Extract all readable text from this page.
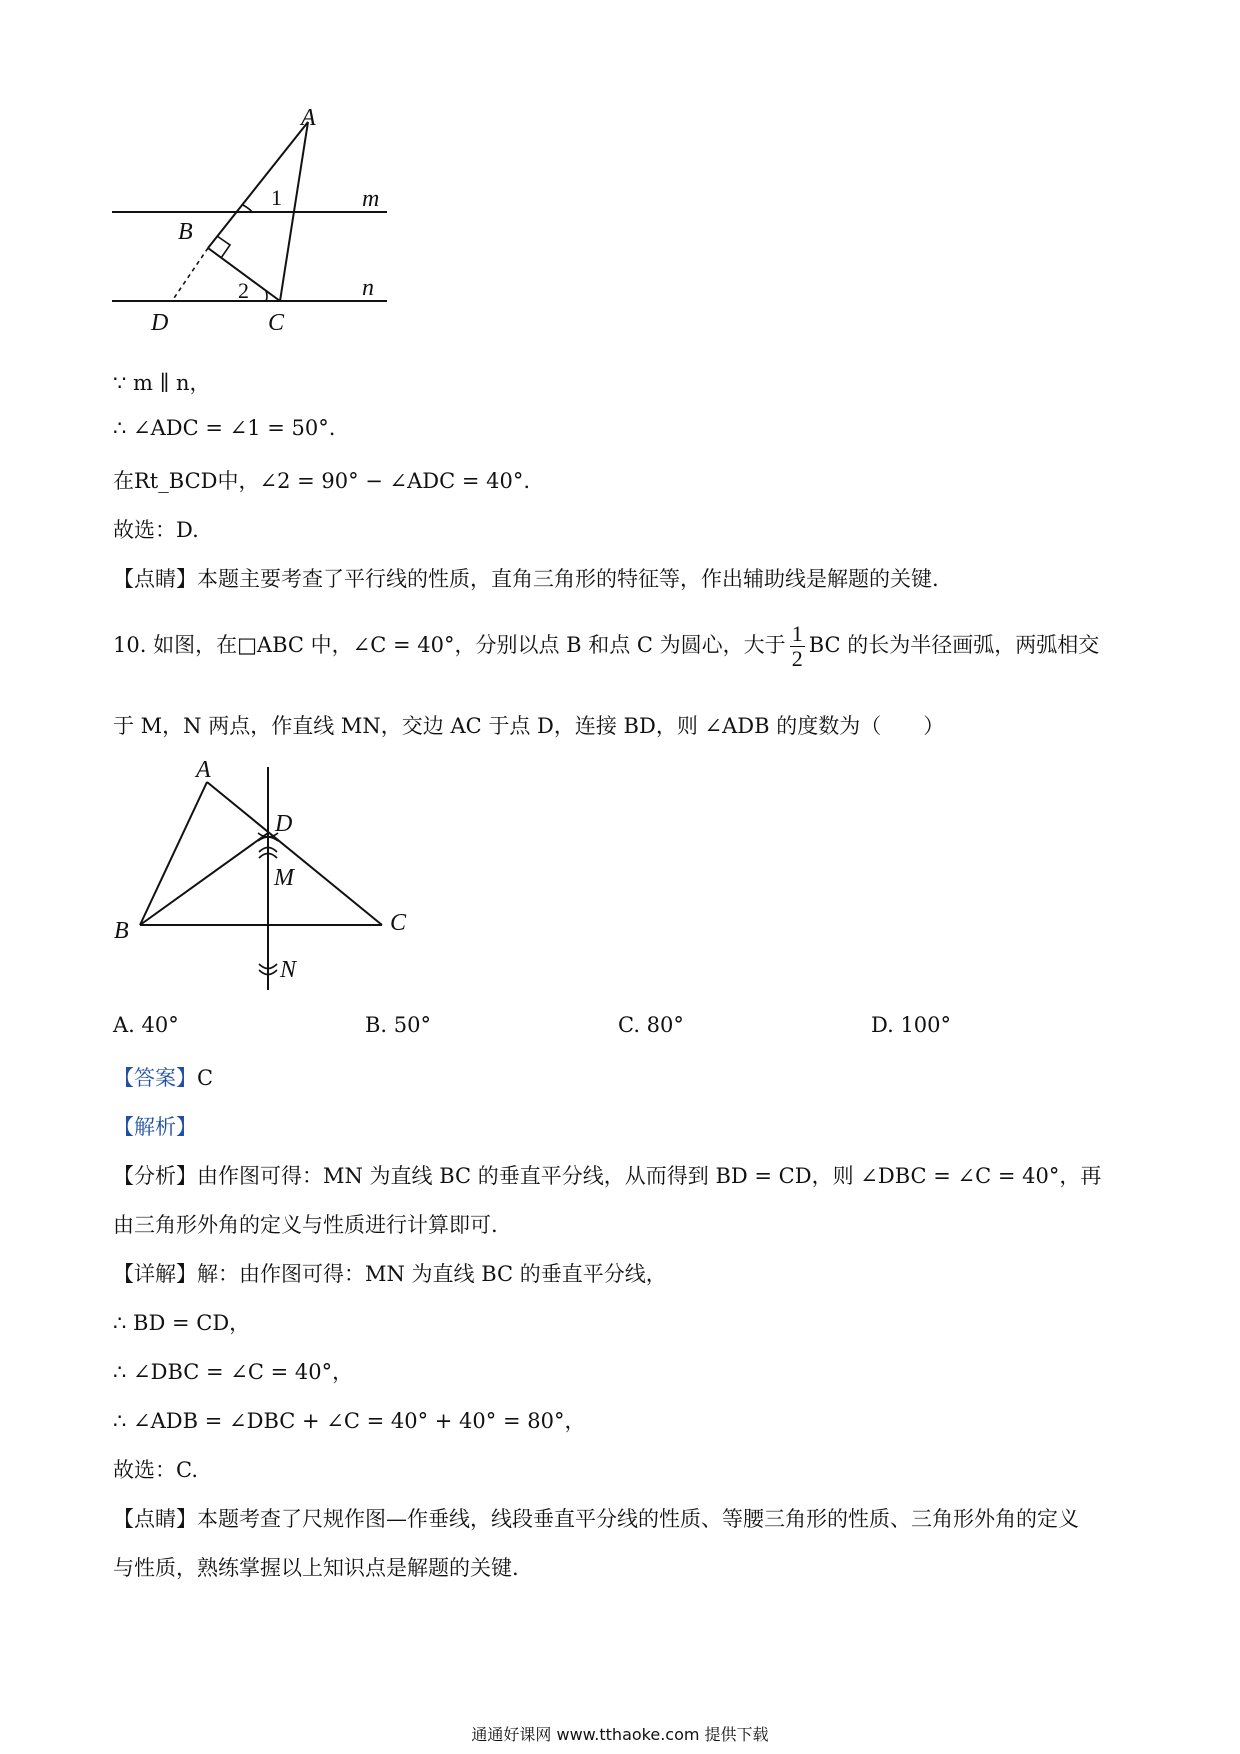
A
m
1
B
n
2
D	C
∵ m ∥ n，
∴ ∠ADC = ∠1 = 50°.
在Rt_BCD中，∠2 = 90° − ∠ADC = 40°.
故选：D.
【点睛】本题主要考查了平行线的性质，直角三角形的特征等，作出辅助线是解题的关键.
10. 如图，在□ABC 中，∠C = 40°，分别以点 B 和点 C 为圆心，大于 $\frac{1}{2}$ BC 的长为半径画弧，两弧相交
于 M，N 两点，作直线 MN，交边 AC 于点 D，连接 BD，则 ∠ADB 的度数为（　　）
A
D
M
B	C
N
A. 40°	B. 50°	C. 80°	D. 100°
【答案】C
【解析】
【分析】由作图可得：MN 为直线 BC 的垂直平分线，从而得到 BD = CD，则 ∠DBC = ∠C = 40°，再
由三角形外角的定义与性质进行计算即可.
【详解】解：由作图可得：MN 为直线 BC 的垂直平分线，
∴ BD = CD，
∴ ∠DBC = ∠C = 40°，
∴ ∠ADB = ∠DBC + ∠C = 40° + 40° = 80°，
故选：C.
【点睛】本题考查了尺规作图—作垂线，线段垂直平分线的性质、等腰三角形的性质、三角形外角的定义
与性质，熟练掌握以上知识点是解题的关键.
通通好课网 www.tthaoke.com 提供下载
